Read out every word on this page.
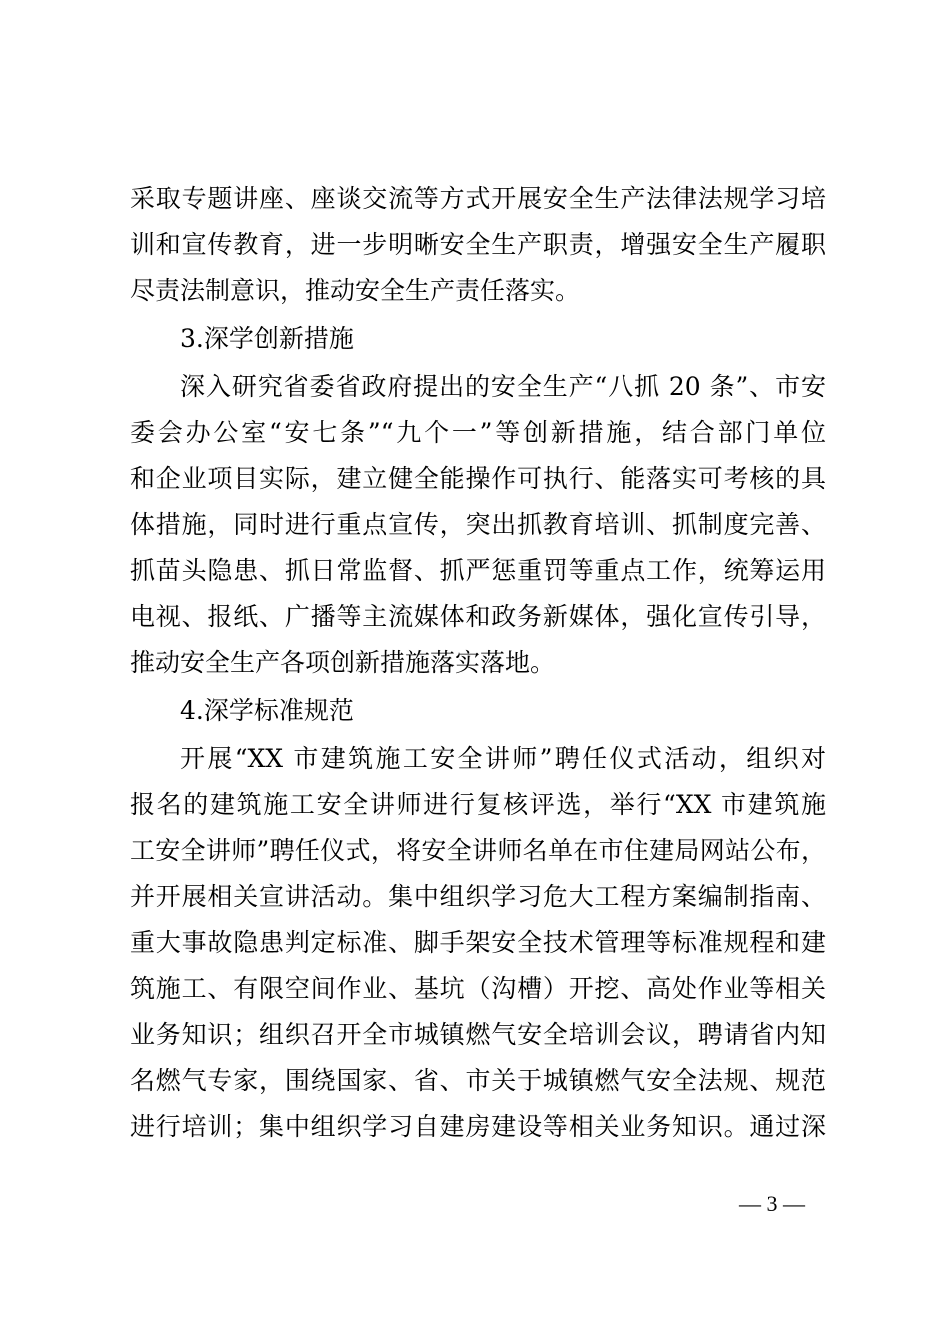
采取专题讲座、座谈交流等方式开展安全生产法律法规学习培
训和宣传教育，进一步明晰安全生产职责，增强安全生产履职
尽责法制意识，推动安全生产责任落实。
3.深学创新措施
深入研究省委省政府提出的安全生产“八抓 20 条”、市安
委会办公室“安七条”“九个一”等创新措施，结合部门单位
和企业项目实际，建立健全能操作可执行、能落实可考核的具
体措施，同时进行重点宣传，突出抓教育培训、抓制度完善、
抓苗头隐患、抓日常监督、抓严惩重罚等重点工作，统筹运用
电视、报纸、广播等主流媒体和政务新媒体，强化宣传引导，
推动安全生产各项创新措施落实落地。
4.深学标准规范
开展“XX 市建筑施工安全讲师”聘任仪式活动，组织对
报名的建筑施工安全讲师进行复核评选，举行“XX 市建筑施
工安全讲师”聘任仪式，将安全讲师名单在市住建局网站公布，
并开展相关宣讲活动。集中组织学习危大工程方案编制指南、
重大事故隐患判定标准、脚手架安全技术管理等标准规程和建
筑施工、有限空间作业、基坑（沟槽）开挖、高处作业等相关
业务知识；组织召开全市城镇燃气安全培训会议，聘请省内知
名燃气专家，围绕国家、省、市关于城镇燃气安全法规、规范
进行培训；集中组织学习自建房建设等相关业务知识。通过深
— 3 —
